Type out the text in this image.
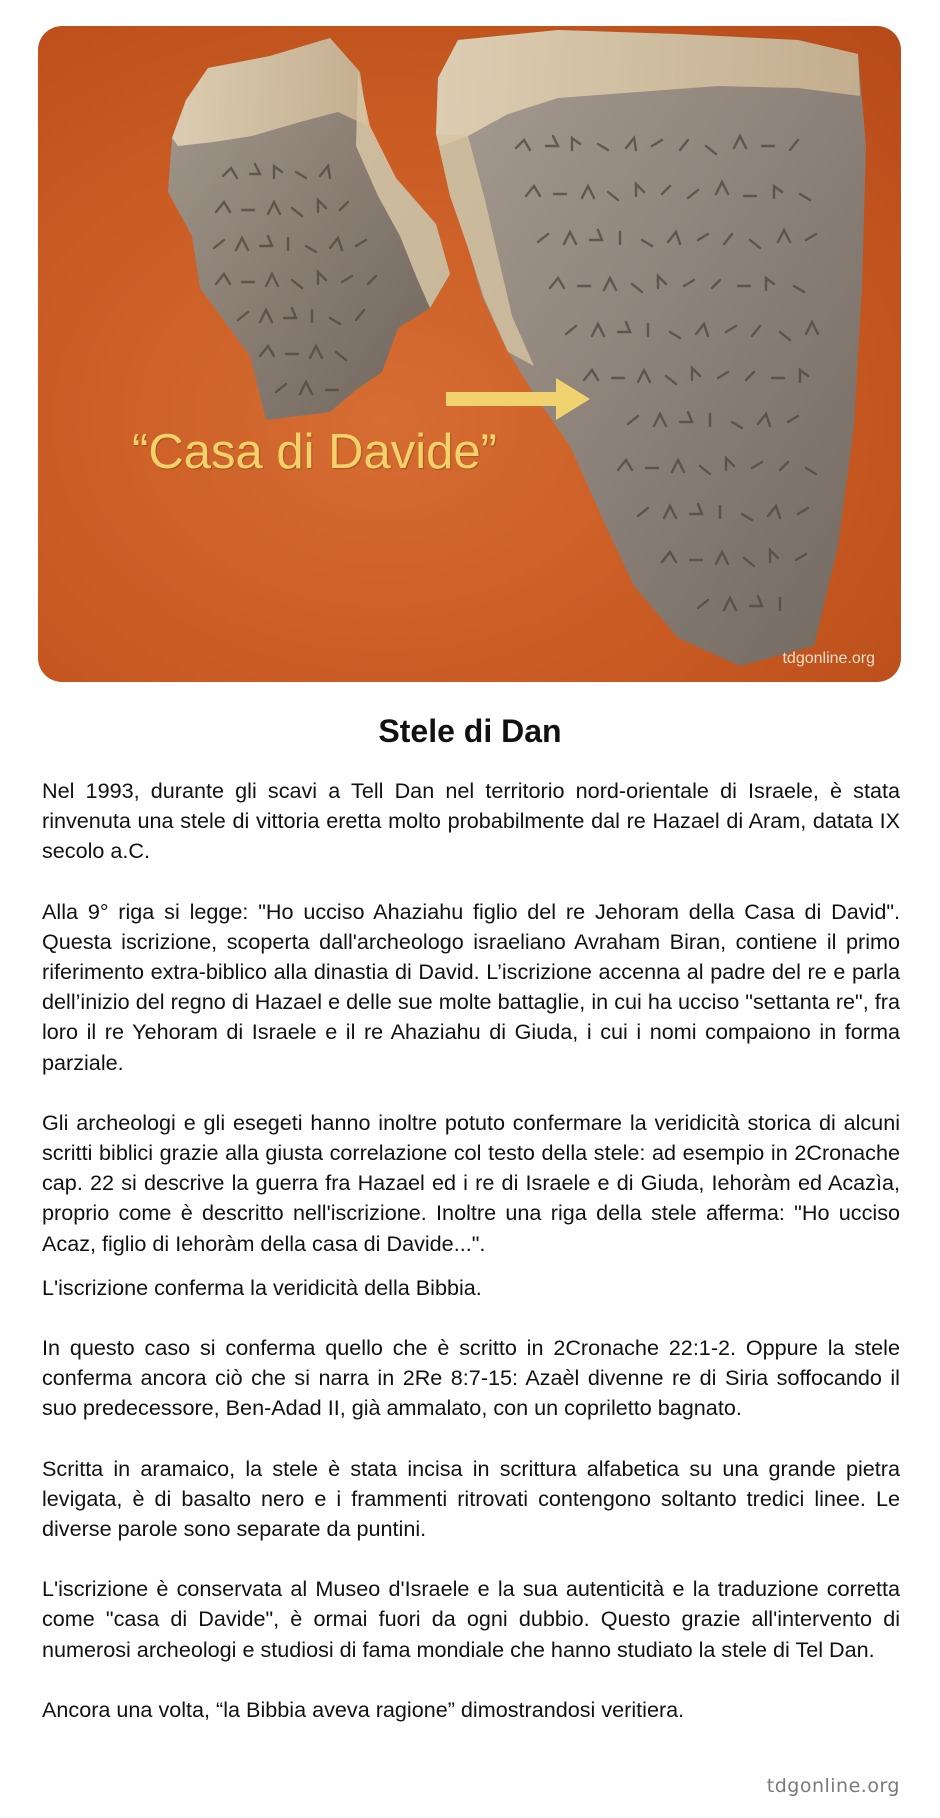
“Casa di Davide”
tdgonline.org
Stele di Dan

Nel 1993, durante gli scavi a Tell Dan nel territorio nord-orientale di Israele, è stata rinvenuta una stele di vittoria eretta molto probabilmente dal re Hazael di Aram, datata IX secolo a.C.

Alla 9° riga si legge: "Ho ucciso Ahaziahu figlio del re Jehoram della Casa di David". Questa iscrizione, scoperta dall'archeologo israeliano Avraham Biran, contiene il primo riferimento extra-biblico alla dinastia di David. L’iscrizione accenna al padre del re e parla dell’inizio del regno di Hazael e delle sue molte battaglie, in cui ha ucciso "settanta re", fra loro il re Yehoram di Israele e il re Ahaziahu di Giuda, i cui i nomi compaiono in forma parziale.

Gli archeologi e gli esegeti hanno inoltre potuto confermare la veridicità storica di alcuni scritti biblici grazie alla giusta correlazione col testo della stele: ad esempio in 2Cronache cap. 22 si descrive la guerra fra Hazael ed i re di Israele e di Giuda, Iehoràm ed Acazìa, proprio come è descritto nell'iscrizione. Inoltre una riga della stele afferma: "Ho ucciso Acaz, figlio di Iehoràm della casa di Davide...".

L'iscrizione conferma la veridicità della Bibbia.

In questo caso si conferma quello che è scritto in 2Cronache 22:1-2. Oppure la stele conferma ancora ciò che si narra in 2Re 8:7-15: Azaèl divenne re di Siria soffocando il suo predecessore, Ben-Adad II, già ammalato, con un copriletto bagnato.

Scritta in aramaico, la stele è stata incisa in scrittura alfabetica su una grande pietra levigata, è di basalto nero e i frammenti ritrovati contengono soltanto tredici linee. Le diverse parole sono separate da puntini.

L'iscrizione è conservata al Museo d'Israele e la sua autenticità e la traduzione corretta come "casa di Davide", è ormai fuori da ogni dubbio. Questo grazie all'intervento di numerosi archeologi e studiosi di fama mondiale che hanno studiato la stele di Tel Dan.

Ancora una volta, “la Bibbia aveva ragione” dimostrandosi veritiera.

tdgonline.org
